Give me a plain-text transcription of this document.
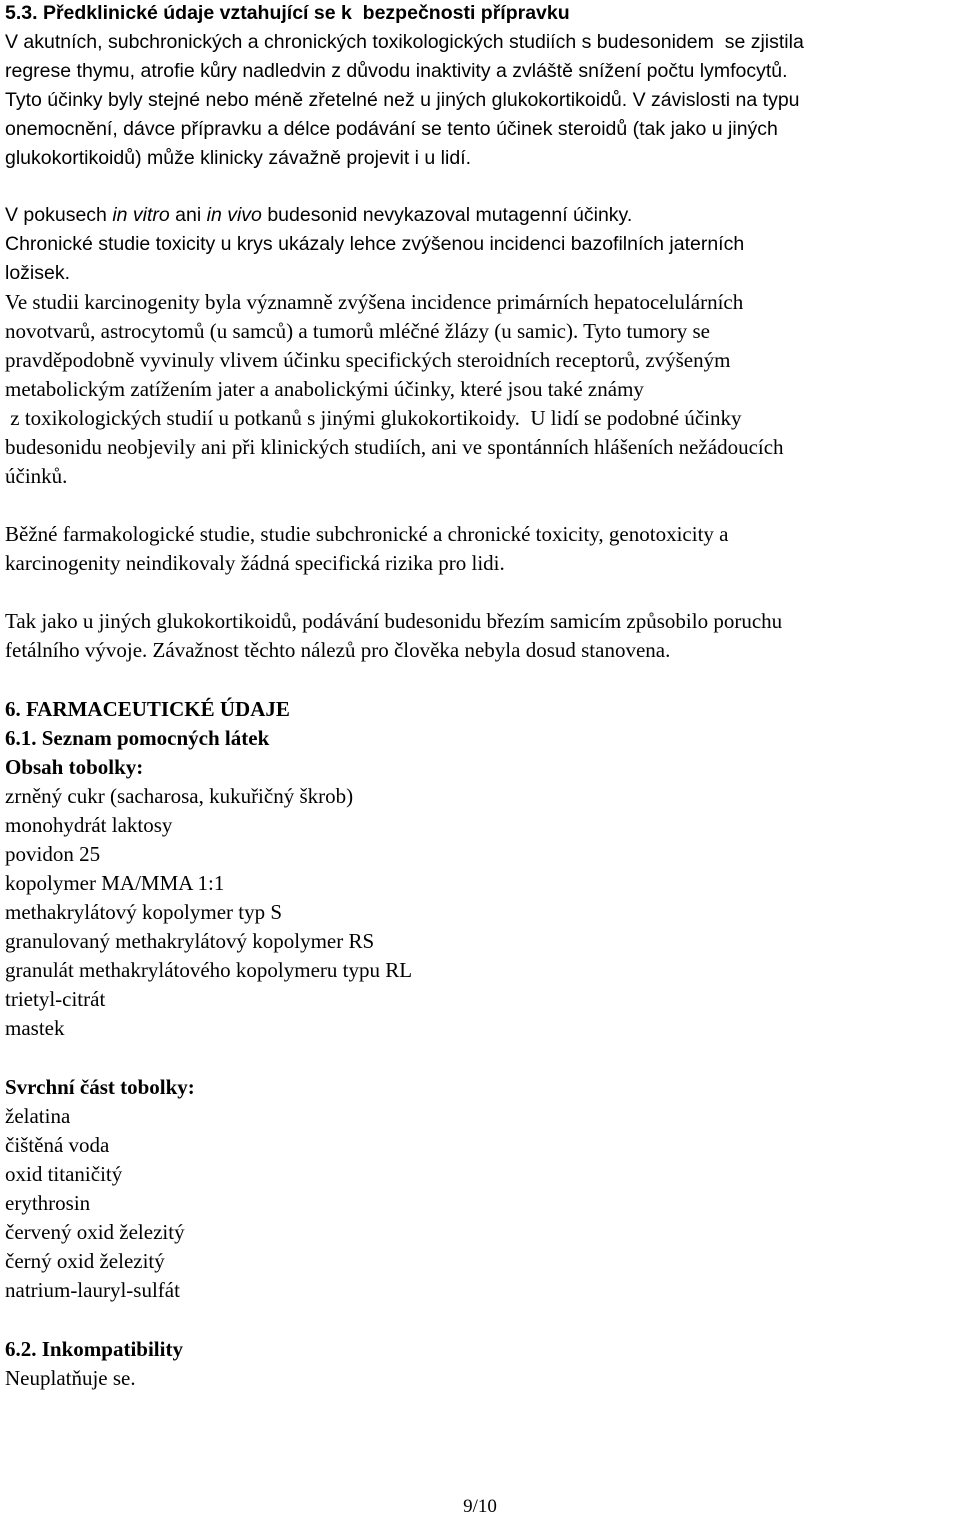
5.3. Předklinické údaje vztahující se k  bezpečnosti přípravku
V akutních, subchronických a chronických toxikologických studiích s budesonidem  se zjistila
regrese thymu, atrofie kůry nadledvin z důvodu inaktivity a zvláště snížení počtu lymfocytů.
Tyto účinky byly stejné nebo méně zřetelné než u jiných glukokortikoidů. V závislosti na typu
onemocnění, dávce přípravku a délce podávání se tento účinek steroidů (tak jako u jiných
glukokortikoidů) může klinicky závažně projevit i u lidí.
V pokusech in vitro ani in vivo budesonid nevykazoval mutagenní účinky.
Chronické studie toxicity u krys ukázaly lehce zvýšenou incidenci bazofilních jaterních
ložisek.
Ve studii karcinogenity byla významně zvýšena incidence primárních hepatocelulárních
novotvarů, astrocytomů (u samců) a tumorů mléčné žlázy (u samic). Tyto tumory se
pravděpodobně vyvinuly vlivem účinku specifických steroidních receptorů, zvýšeným
metabolickým zatížením jater a anabolickými účinky, které jsou také známy
z toxikologických studií u potkanů s jinými glukokortikoidy.  U lidí se podobné účinky
budesonidu neobjevily ani při klinických studiích, ani ve spontánních hlášeních nežádoucích
účinků.
Běžné farmakologické studie, studie subchronické a chronické toxicity, genotoxicity a
karcinogenity neindikovaly žádná specifická rizika pro lidi.
Tak jako u jiných glukokortikoidů, podávání budesonidu březím samicím způsobilo poruchu
fetálního vývoje. Závažnost těchto nálezů pro člověka nebyla dosud stanovena.
6. FARMACEUTICKÉ ÚDAJE
6.1. Seznam pomocných látek
Obsah tobolky:
zrněný cukr (sacharosa, kukuřičný škrob)
monohydrát laktosy
povidon 25
kopolymer MA/MMA 1:1
methakrylátový kopolymer typ S
granulovaný methakrylátový kopolymer RS
granulát methakrylátového kopolymeru typu RL
trietyl-citrát
mastek
Svrchní část tobolky:
želatina
čištěná voda
oxid titaničitý
erythrosin
červený oxid železitý
černý oxid železitý
natrium-lauryl-sulfát
6.2. Inkompatibility
Neuplatňuje se.
9/10
